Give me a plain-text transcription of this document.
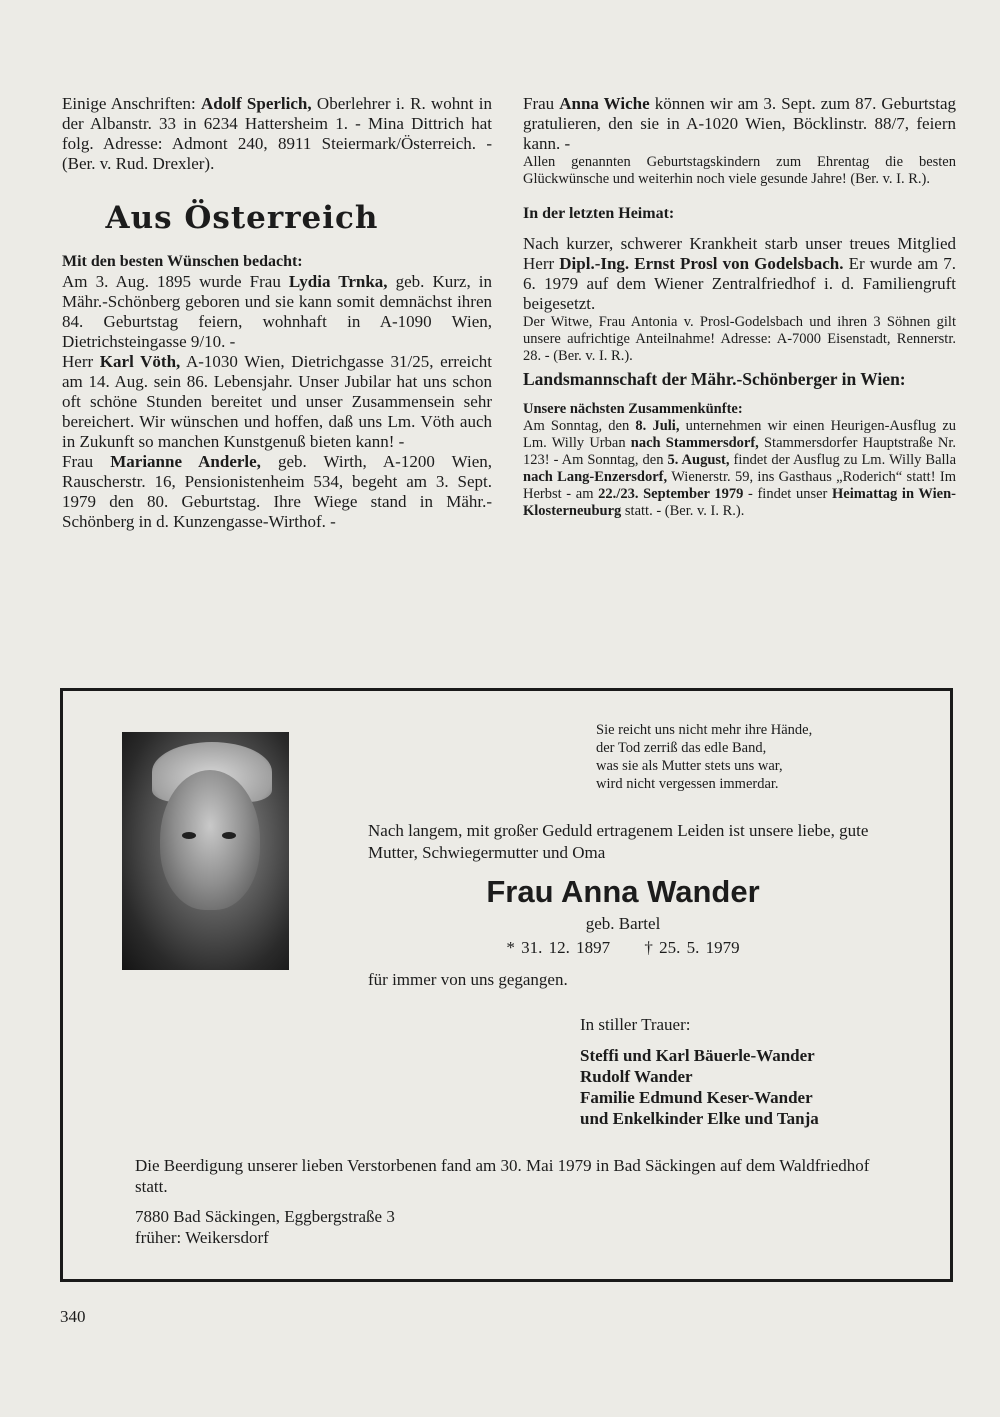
Einige Anschriften: Adolf Sperlich, Oberlehrer i. R. wohnt in der Albanstr. 33 in 6234 Hattersheim 1. - Mina Dittrich hat folg. Adresse: Admont 240, 8911 Steiermark/Österreich. - (Ber. v. Rud. Drexler).

Aus Österreich

Mit den besten Wünschen bedacht:

Am 3. Aug. 1895 wurde Frau Lydia Trnka, geb. Kurz, in Mähr.-Schönberg geboren und sie kann somit demnächst ihren 84. Geburtstag feiern, wohnhaft in A-1090 Wien, Dietrichsteingasse 9/10. -

Herr Karl Vöth, A-1030 Wien, Dietrichgasse 31/25, erreicht am 14. Aug. sein 86. Lebensjahr. Unser Jubilar hat uns schon oft schöne Stunden bereitet und unser Zusammensein sehr bereichert. Wir wünschen und hoffen, daß uns Lm. Vöth auch in Zukunft so manchen Kunstgenuß bieten kann! -

Frau Marianne Anderle, geb. Wirth, A-1200 Wien, Rauscherstr. 16, Pensionistenheim 534, begeht am 3. Sept. 1979 den 80. Geburtstag. Ihre Wiege stand in Mähr.-Schönberg in d. Kunzengasse-Wirthof. -

Frau Anna Wiche können wir am 3. Sept. zum 87. Geburtstag gratulieren, den sie in A-1020 Wien, Böcklinstr. 88/7, feiern kann. -

Allen genannten Geburtstagskindern zum Ehrentag die besten Glückwünsche und weiterhin noch viele gesunde Jahre! (Ber. v. I. R.).

In der letzten Heimat:

Nach kurzer, schwerer Krankheit starb unser treues Mitglied Herr Dipl.-Ing. Ernst Prosl von Godelsbach. Er wurde am 7. 6. 1979 auf dem Wiener Zentralfriedhof i. d. Familiengruft beigesetzt.

Der Witwe, Frau Antonia v. Prosl-Godelsbach und ihren 3 Söhnen gilt unsere aufrichtige Anteilnahme! Adresse: A-7000 Eisenstadt, Rennerstr. 28. - (Ber. v. I. R.).

Landsmannschaft der Mähr.-Schönberger in Wien:

Unsere nächsten Zusammenkünfte:

Am Sonntag, den 8. Juli, unternehmen wir einen Heurigen-Ausflug zu Lm. Willy Urban nach Stammersdorf, Stammersdorfer Hauptstraße Nr. 123! - Am Sonntag, den 5. August, findet der Ausflug zu Lm. Willy Balla nach Lang-Enzersdorf, Wienerstr. 59, ins Gasthaus „Roderich“ statt! Im Herbst - am 22./23. September 1979 - findet unser Heimattag in Wien-Klosterneuburg statt. - (Ber. v. I. R.).

Sie reicht uns nicht mehr ihre Hände,
der Tod zerriß das edle Band,
was sie als Mutter stets uns war,
wird nicht vergessen immerdar.
Nach langem, mit großer Geduld ertragenem Leiden ist unsere liebe, gute Mutter, Schwiegermutter und Oma
Frau Anna Wander
geb. Bartel
* 31. 12. 1897 † 25. 5. 1979
für immer von uns gegangen.
In stiller Trauer:
Steffi und Karl Bäuerle-Wander
Rudolf Wander
Familie Edmund Keser-Wander
und Enkelkinder Elke und Tanja
Die Beerdigung unserer lieben Verstorbenen fand am 30. Mai 1979 in Bad Säckingen auf dem Waldfriedhof statt.
7880 Bad Säckingen, Eggbergstraße 3
früher: Weikersdorf
340
